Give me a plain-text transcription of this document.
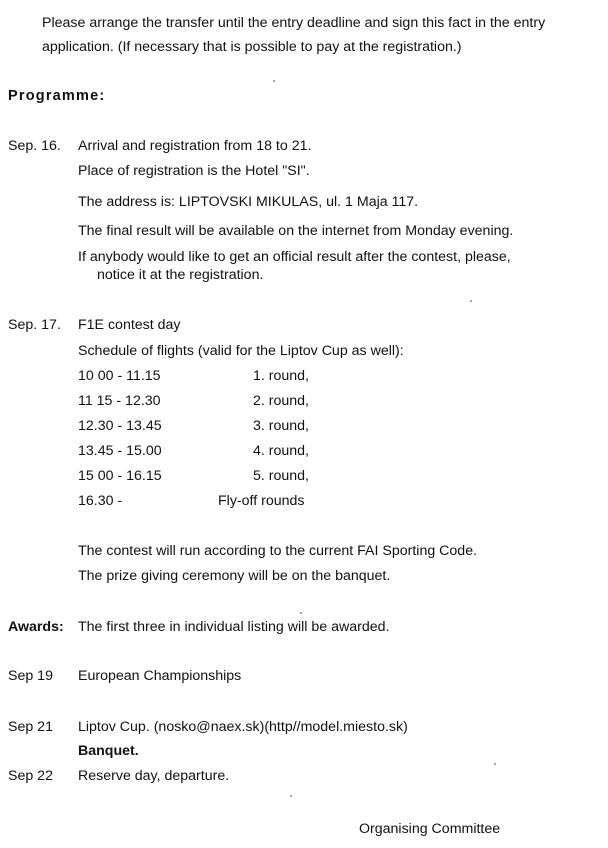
Please arrange the transfer until the entry deadline and sign this fact in the entry
application. (If necessary that is possible to pay at the registration.)
Programme:
Sep. 16. Arrival and registration from 18 to 21.
Place of registration is the Hotel "SI".
The address is: LIPTOVSKI MIKULAS, ul. 1 Maja 117.
The final result will be available on the internet from Monday evening.
If anybody would like to get an official result after the contest, please,
notice it at the registration.
Sep. 17. F1E contest day
Schedule of flights (valid for the Liptov Cup as well):
10 00 - 11.15	1. round,
11 15 - 12.30	2. round,
12.30 - 13.45	3. round,
13.45 - 15.00	4. round,
15 00 - 16.15	5. round,
16.30 -	Fly-off rounds
The contest will run according to the current FAI Sporting Code.
The prize giving ceremony will be on the banquet.
Awards: The first three in individual listing will be awarded.
Sep 19 European Championships
Sep 21 Liptov Cup. (nosko@naex.sk)(http//model.miesto.sk)
Banquet.
Sep 22 Reserve day, departure.
Organising Committee
